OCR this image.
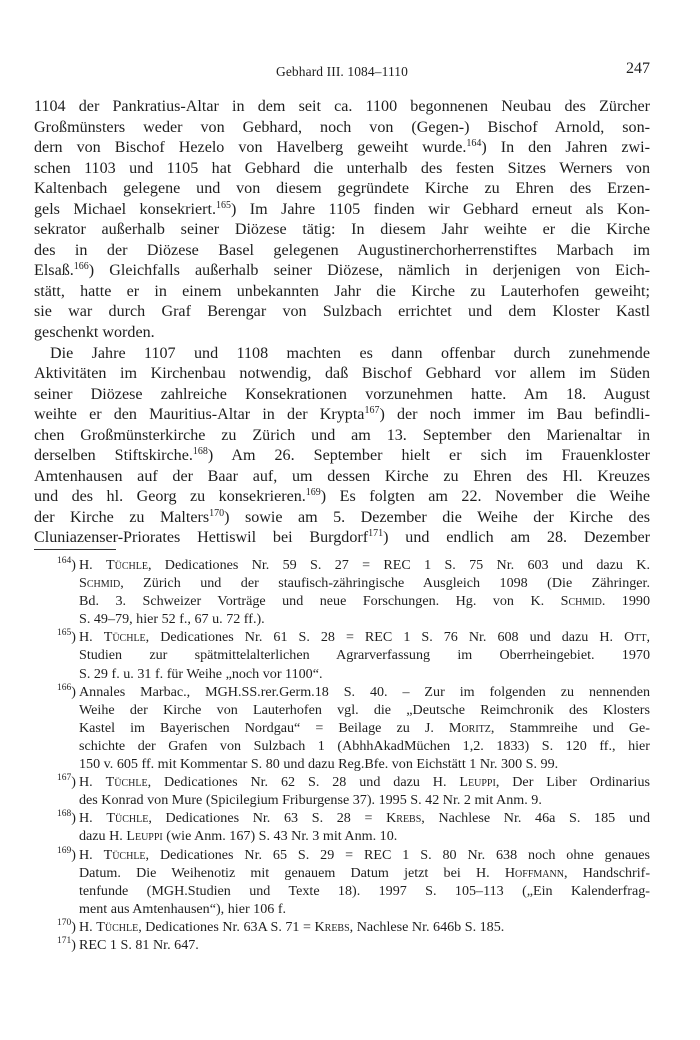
Gebhard III. 1084–1110	247
1104 der Pankratius-Altar in dem seit ca. 1100 begonnenen Neubau des Zürcher
Großmünsters weder von Gebhard, noch von (Gegen-) Bischof Arnold, son-
dern von Bischof Hezelo von Havelberg geweiht wurde.$^{164}$) In den Jahren zwi-
schen 1103 und 1105 hat Gebhard die unterhalb des festen Sitzes Werners von
Kaltenbach gelegene und von diesem gegründete Kirche zu Ehren des Erzen-
gels Michael konsekriert.$^{165}$) Im Jahre 1105 finden wir Gebhard erneut als Kon-
sekrator außerhalb seiner Diözese tätig: In diesem Jahr weihte er die Kirche
des in der Diözese Basel gelegenen Augustinerchorherrenstiftes Marbach im
Elsaß.$^{166}$) Gleichfalls außerhalb seiner Diözese, nämlich in derjenigen von Eich-
stätt, hatte er in einem unbekannten Jahr die Kirche zu Lauterhofen geweiht;
sie war durch Graf Berengar von Sulzbach errichtet und dem Kloster Kastl
geschenkt worden.
Die Jahre 1107 und 1108 machten es dann offenbar durch zunehmende
Aktivitäten im Kirchenbau notwendig, daß Bischof Gebhard vor allem im Süden
seiner Diözese zahlreiche Konsekrationen vorzunehmen hatte. Am 18. August
weihte er den Mauritius-Altar in der Krypta$^{167}$) der noch immer im Bau befindli-
chen Großmünsterkirche zu Zürich und am 13. September den Marienaltar in
derselben Stiftskirche.$^{168}$) Am 26. September hielt er sich im Frauenkloster
Amtenhausen auf der Baar auf, um dessen Kirche zu Ehren des Hl. Kreuzes
und des hl. Georg zu konsekrieren.$^{169}$) Es folgten am 22. November die Weihe
der Kirche zu Malters$^{170}$) sowie am 5. Dezember die Weihe der Kirche des
Cluniazenser-Priorates Hettiswil bei Burgdorf$^{171}$) und endlich am 28. Dezember
$^{164}$) H. Tüchle, Dedicationes Nr. 59 S. 27 = REC 1 S. 75 Nr. 603 und dazu K.
Schmid, Zürich und der staufisch-zähringische Ausgleich 1098 (Die Zähringer.
Bd. 3. Schweizer Vorträge und neue Forschungen. Hg. von K. Schmid. 1990
S. 49–79, hier 52 f., 67 u. 72 ff.).
$^{165}$) H. Tüchle, Dedicationes Nr. 61 S. 28 = REC 1 S. 76 Nr. 608 und dazu H. Ott,
Studien zur spätmittelalterlichen Agrarverfassung im Oberrheingebiet. 1970
S. 29 f. u. 31 f. für Weihe „noch vor 1100“.
$^{166}$) Annales Marbac., MGH.SS.rer.Germ.18 S. 40. – Zur im folgenden zu nennenden
Weihe der Kirche von Lauterhofen vgl. die „Deutsche Reimchronik des Klosters
Kastel im Bayerischen Nordgau“ = Beilage zu J. Moritz, Stammreihe und Ge-
schichte der Grafen von Sulzbach 1 (AbhhAkadMüchen 1,2. 1833) S. 120 ff., hier
150 v. 605 ff. mit Kommentar S. 80 und dazu Reg.Bfe. von Eichstätt 1 Nr. 300 S. 99.
$^{167}$) H. Tüchle, Dedicationes Nr. 62 S. 28 und dazu H. Leuppi, Der Liber Ordinarius
des Konrad von Mure (Spicilegium Friburgense 37). 1995 S. 42 Nr. 2 mit Anm. 9.
$^{168}$) H. Tüchle, Dedicationes Nr. 63 S. 28 = Krebs, Nachlese Nr. 46a S. 185 und
dazu H. Leuppi (wie Anm. 167) S. 43 Nr. 3 mit Anm. 10.
$^{169}$) H. Tüchle, Dedicationes Nr. 65 S. 29 = REC 1 S. 80 Nr. 638 noch ohne genaues
Datum. Die Weihenotiz mit genauem Datum jetzt bei H. Hoffmann, Handschrif-
tenfunde (MGH.Studien und Texte 18). 1997 S. 105–113 („Ein Kalenderfrag-
ment aus Amtenhausen“), hier 106 f.
$^{170}$) H. Tüchle, Dedicationes Nr. 63A S. 71 = Krebs, Nachlese Nr. 646b S. 185.
$^{171}$) REC 1 S. 81 Nr. 647.
